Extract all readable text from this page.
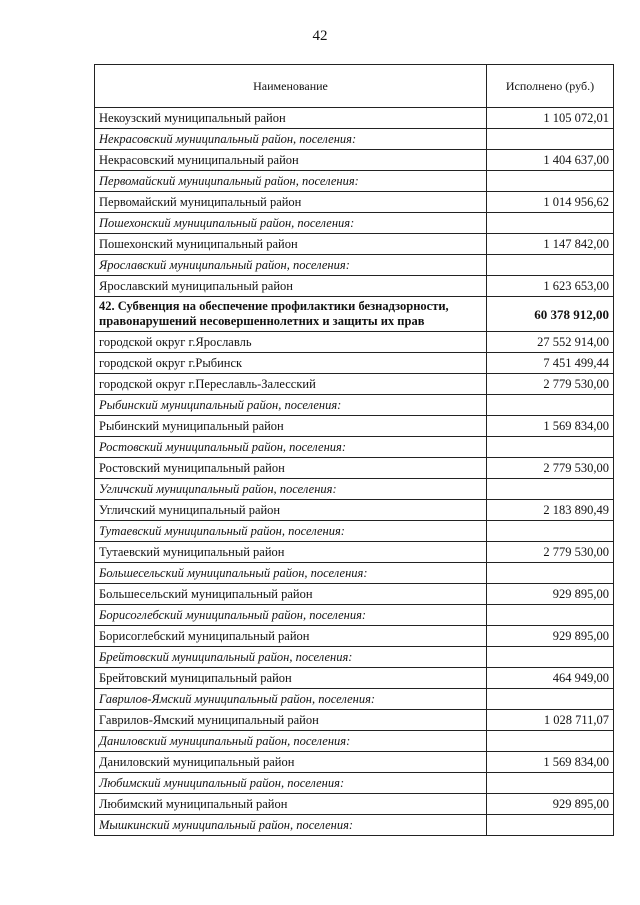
42
Наименование	Исполнено (руб.)
Некоузский муниципальный район	1 105 072,01
Некрасовский муниципальный район, поселения:	
Некрасовский муниципальный район	1 404 637,00
Первомайский муниципальный район, поселения:	
Первомайский муниципальный район	1 014 956,62
Пошехонский муниципальный район, поселения:	
Пошехонский муниципальный район	1 147 842,00
Ярославский муниципальный район, поселения:	
Ярославский муниципальный район	1 623 653,00
42. Субвенция на обеспечение профилактики безнадзорности, правонарушений несовершеннолетних и защиты их прав	60 378 912,00
городской округ г.Ярославль	27 552 914,00
городской округ г.Рыбинск	7 451 499,44
городской округ г.Переславль-Залесский	2 779 530,00
Рыбинский муниципальный район, поселения:	
Рыбинский муниципальный район	1 569 834,00
Ростовский муниципальный район, поселения:	
Ростовский муниципальный район	2 779 530,00
Угличский муниципальный район, поселения:	
Угличский муниципальный район	2 183 890,49
Тутаевский муниципальный район, поселения:	
Тутаевский муниципальный район	2 779 530,00
Большесельский муниципальный район, поселения:	
Большесельский муниципальный район	929 895,00
Борисоглебский муниципальный район, поселения:	
Борисоглебский муниципальный район	929 895,00
Брейтовский муниципальный район, поселения:	
Брейтовский муниципальный район	464 949,00
Гаврилов-Ямский муниципальный район, поселения:	
Гаврилов-Ямский муниципальный район	1 028 711,07
Даниловский муниципальный район, поселения:	
Даниловский муниципальный район	1 569 834,00
Любимский муниципальный район, поселения:	
Любимский муниципальный район	929 895,00
Мышкинский муниципальный район, поселения:	
